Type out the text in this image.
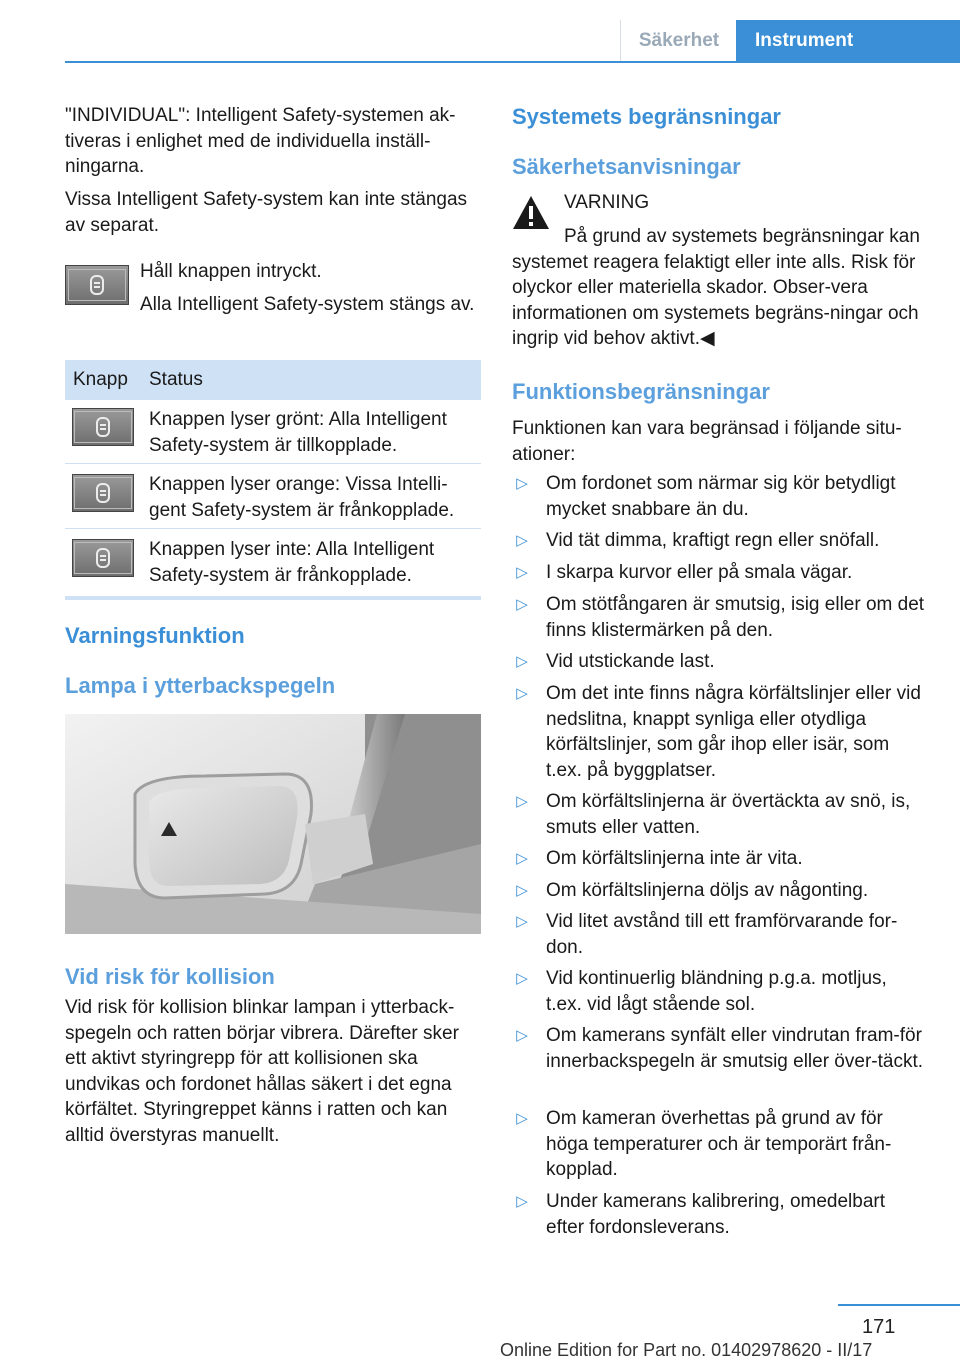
Säkerhet	Instrument

"INDIVIDUAL": Intelligent Safety-systemen ak-tiveras i enlighet med de individuella inställ-ningarna.

Vissa Intelligent Safety-system kan inte stängas av separat.

Håll knappen intryckt.

Alla Intelligent Safety-system stängs av.
Knapp Status

Knappen lyser grönt: Alla Intelligent Safety-system är tillkopplade.

Knappen lyser orange: Vissa Intelli-gent Safety-system är frånkopplade.

Knappen lyser inte: Alla Intelligent Safety-system är frånkopplade.

Varningsfunktion
Lampa i ytterbackspegeln
Vid risk för kollision

Vid risk för kollision blinkar lampan i ytterback-spegeln och ratten börjar vibrera. Därefter sker ett aktivt styringrepp för att kollisionen ska undvikas och fordonet hållas säkert i det egna körfältet. Styringreppet känns i ratten och kan alltid överstyras manuellt.

Systemets begränsningar
Säkerhetsanvisningar

VARNING

På grund av systemets begränsningar kan systemet reagera felaktigt eller inte alls. Risk för olyckor eller materiella skador. Obser-vera informationen om systemets begräns-ningar och ingrip vid behov aktivt.◀
Funktionsbegränsningar

Funktionen kan vara begränsad i följande situ-ationer:

▷ Om fordonet som närmar sig kör betydligt mycket snabbare än du.

▷ Vid tät dimma, kraftigt regn eller snöfall.

▷ I skarpa kurvor eller på smala vägar.

▷ Om stötfångaren är smutsig, isig eller om det finns klistermärken på den.

▷ Vid utstickande last.

▷ Om det inte finns några körfältslinjer eller vid nedslitna, knappt synliga eller otydliga körfältslinjer, som går ihop eller isär, som t.ex. på byggplatser.

▷ Om körfältslinjerna är övertäckta av snö, is, smuts eller vatten.

▷ Om körfältslinjerna inte är vita.

▷ Om körfältslinjerna döljs av någonting.

▷ Vid litet avstånd till ett framförvarande for-don.

▷ Vid kontinuerlig bländning p.g.a. motljus, t.ex. vid lågt stående sol.

▷ Om kamerans synfält eller vindrutan fram-för innerbackspegeln är smutsig eller över-täckt.

▷ Om kameran överhettas på grund av för höga temperaturer och är temporärt från-kopplad.

▷ Under kamerans kalibrering, omedelbart efter fordonsleverans.

171
Online Edition for Part no. 01402978620 - II/17
